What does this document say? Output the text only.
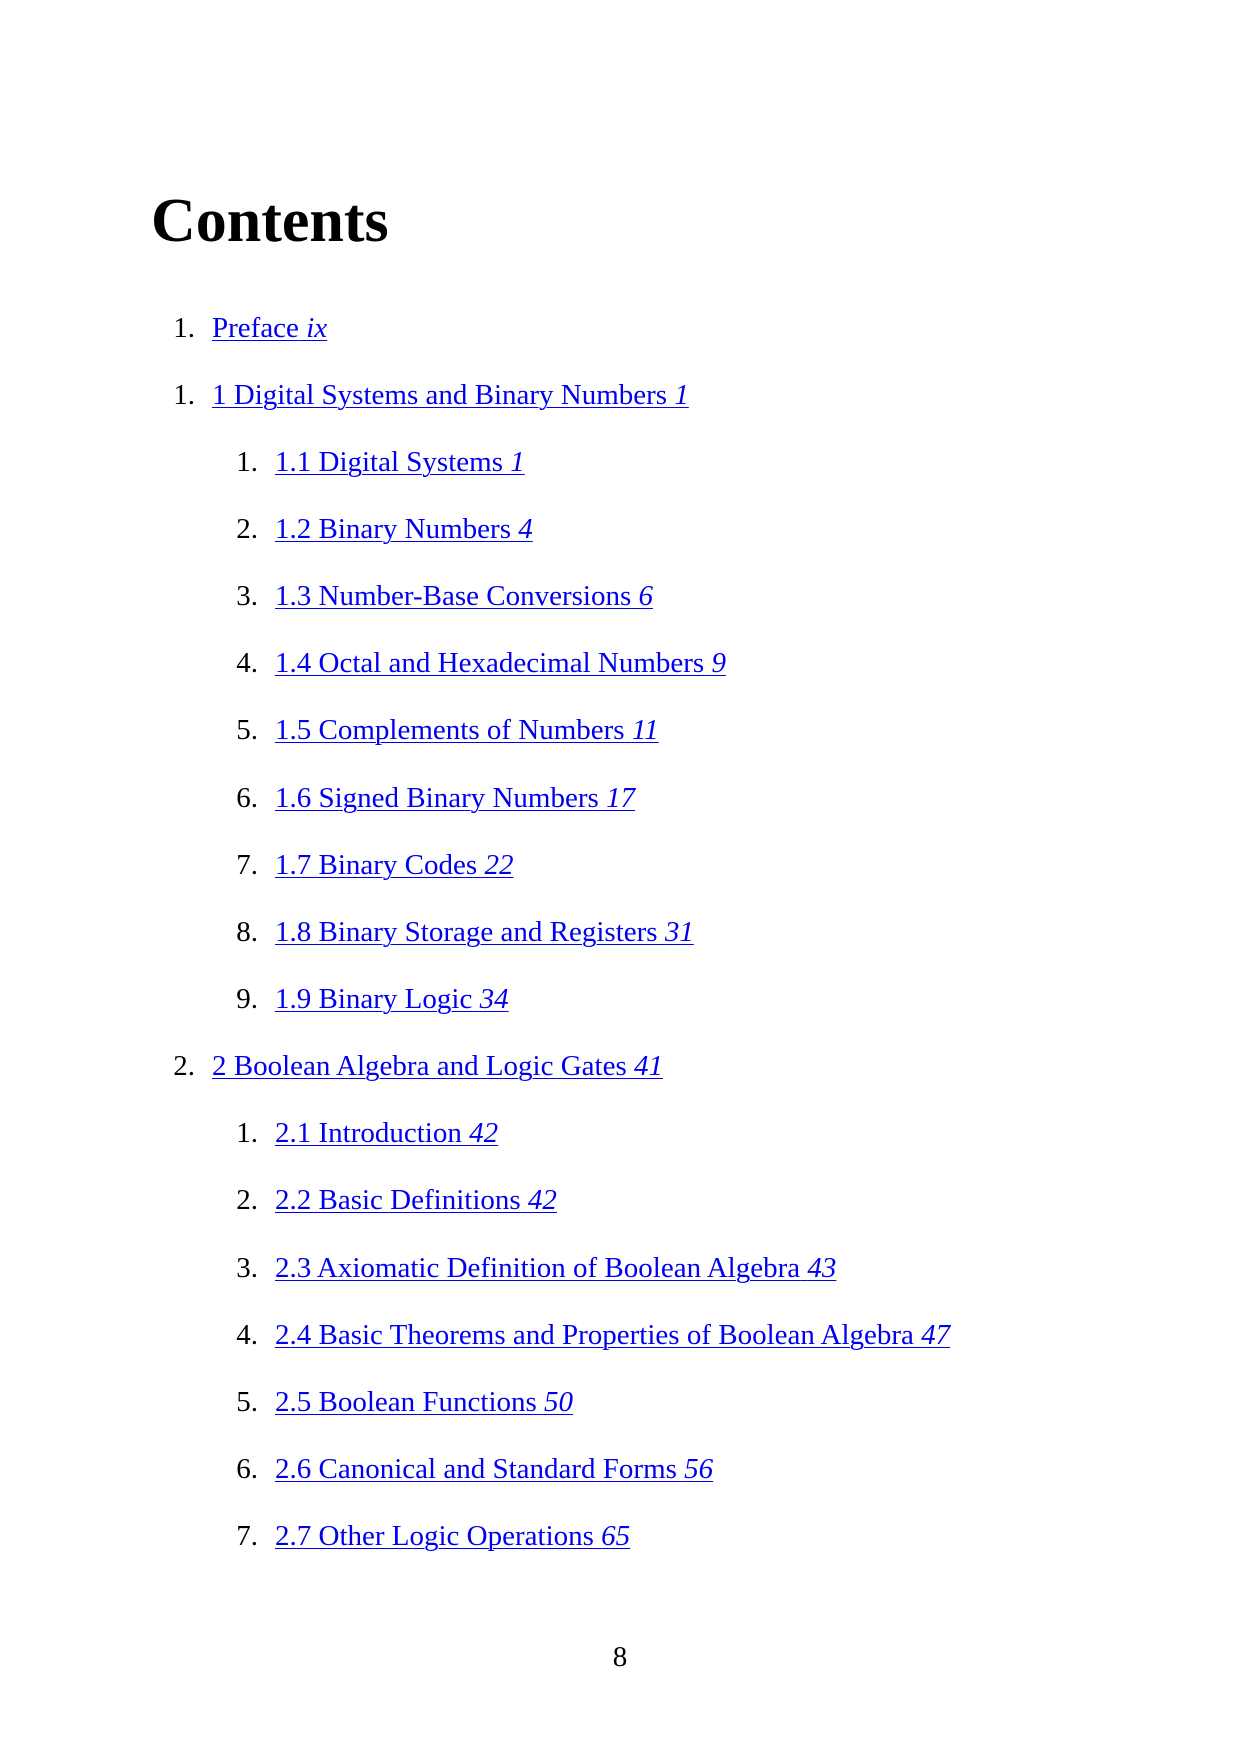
Contents
1. Preface ix
1. 1 Digital Systems and Binary Numbers 1
1. 1.1 Digital Systems 1
2. 1.2 Binary Numbers 4
3. 1.3 Number-Base Conversions 6
4. 1.4 Octal and Hexadecimal Numbers 9
5. 1.5 Complements of Numbers 11
6. 1.6 Signed Binary Numbers 17
7. 1.7 Binary Codes 22
8. 1.8 Binary Storage and Registers 31
9. 1.9 Binary Logic 34
2. 2 Boolean Algebra and Logic Gates 41
1. 2.1 Introduction 42
2. 2.2 Basic Definitions 42
3. 2.3 Axiomatic Definition of Boolean Algebra 43
4. 2.4 Basic Theorems and Properties of Boolean Algebra 47
5. 2.5 Boolean Functions 50
6. 2.6 Canonical and Standard Forms 56
7. 2.7 Other Logic Operations 65
8
